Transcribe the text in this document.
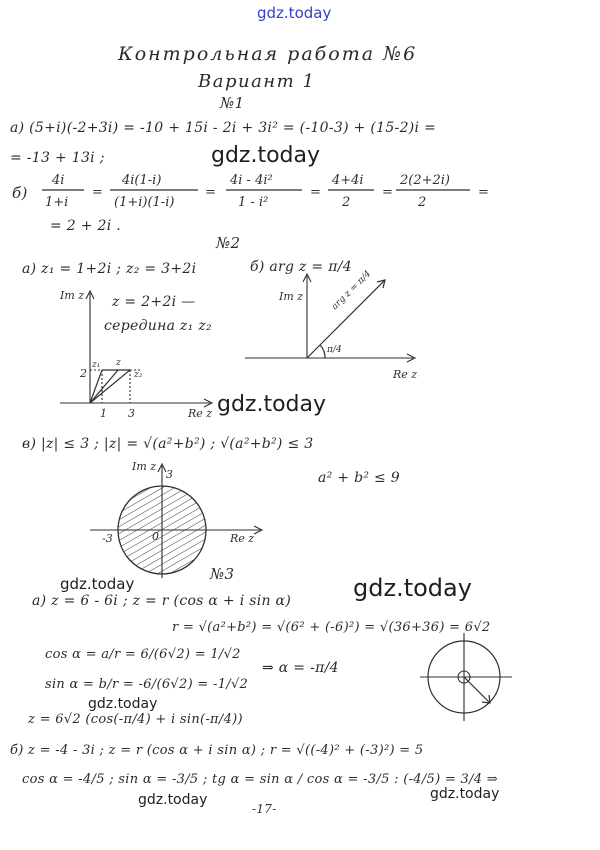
gdz.today
gdz.today
gdz.today
gdz.today
gdz.today
gdz.today
gdz.today	gdz.today
Контрольная работа №6
Вариант 1
№1
а) (5+i)(-2+3i) = -10 + 15i - 2i + 3i² = (-10-3) + (15-2)i =
= -13 + 13i ;
б)
4i
1+i
=
4i(1-i)
(1+i)(1-i)
=
4i - 4i²
1 - i²
=
4+4i
2
=
2(2+2i)
2
=
= 2 + 2i .
№2
а) z₁ = 1+2i ; z₂ = 3+2i
z = 2+2i —
середина z₁ z₂
б) arg z = π/4
Im z
Re z
2
1 3
z₁ z
z₂
Im z
Re z
π/4
arg z = π/4
в) |z| ≤ 3 ; |z| = √(a²+b²) ; √(a²+b²) ≤ 3
a² + b² ≤ 9
Im z
Re z
-3
3
0
№3
а) z = 6 - 6i ; z = r (cos α + i sin α)
r = √(a²+b²) = √(6² + (-6)²) = √(36+36) = 6√2
cos α = a/r = 6/(6√2) = 1/√2
sin α = b/r = -6/(6√2) = -1/√2
⇒ α = -π/4
z = 6√2 (cos(-π/4) + i sin(-π/4))
б) z = -4 - 3i ; z = r (cos α + i sin α) ; r = √((-4)² + (-3)²) = 5
cos α = -4/5 ; sin α = -3/5 ; tg α = sin α / cos α = -3/5 : (-4/5) = 3/4 ⇒
-17-
